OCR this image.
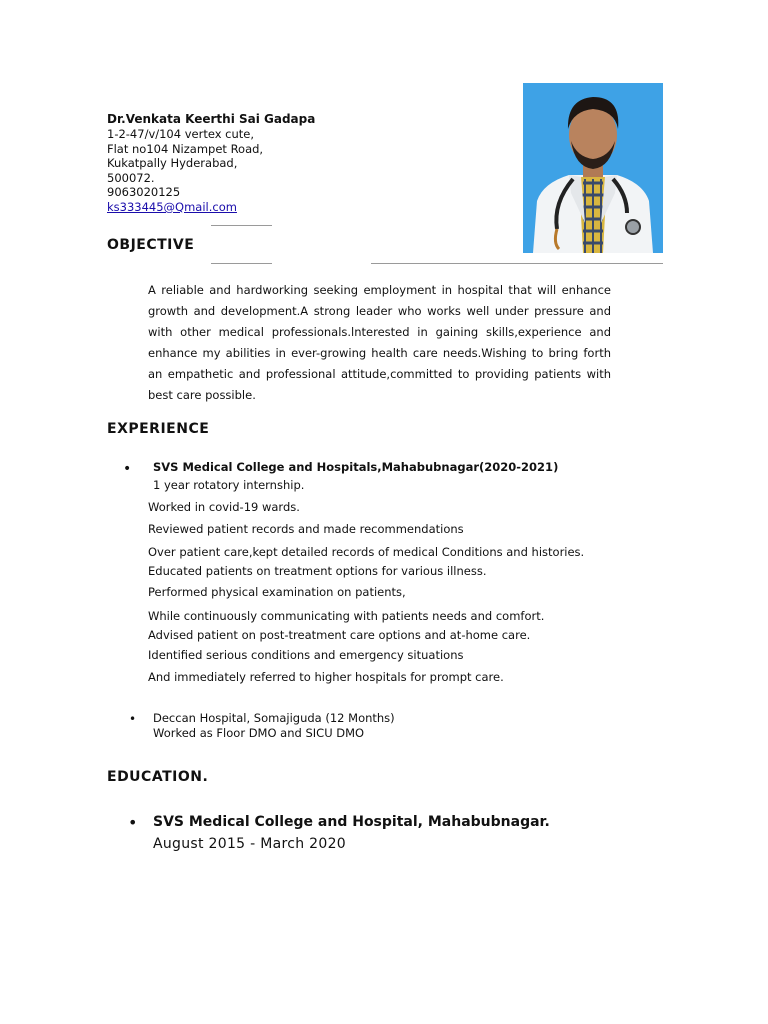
Dr.Venkata Keerthi Sai Gadapa
1-2-47/v/104 vertex cute,
Flat no104 Nizampet Road,
Kukatpally Hyderabad,
500072.
9063020125
ks333445@Qmail.com
OBJECTIVE
A reliable and hardworking seeking employment in hospital that will enhance growth and development.A strong leader who works well under pressure and with other medical professionals.lnterested in gaining skills,experience and enhance my abilities in ever-growing health care needs.Wishing to bring forth an empathetic and professional attitude,committed to providing patients with best care possible.
EXPERIENCE
• SVS Medical College and Hospitals,Mahabubnagar(2020-2021)
1 year rotatory internship.
Worked in covid-19 wards.
Reviewed patient records and made recommendations
Over patient care,kept detailed records of medical Conditions and histories.
Educated patients on treatment options for various illness.
Performed physical examination on patients,
While continuously communicating with patients needs and comfort.
Advised patient on post-treatment care options and at-home care.
Identified serious conditions and emergency situations
And immediately referred to higher hospitals for prompt care.
• Deccan Hospital, Somajiguda (12 Months)
Worked as Floor DMO and SICU DMO
EDUCATION.
• SVS Medical College and Hospital, Mahabubnagar.
August 2015 - March 2020
